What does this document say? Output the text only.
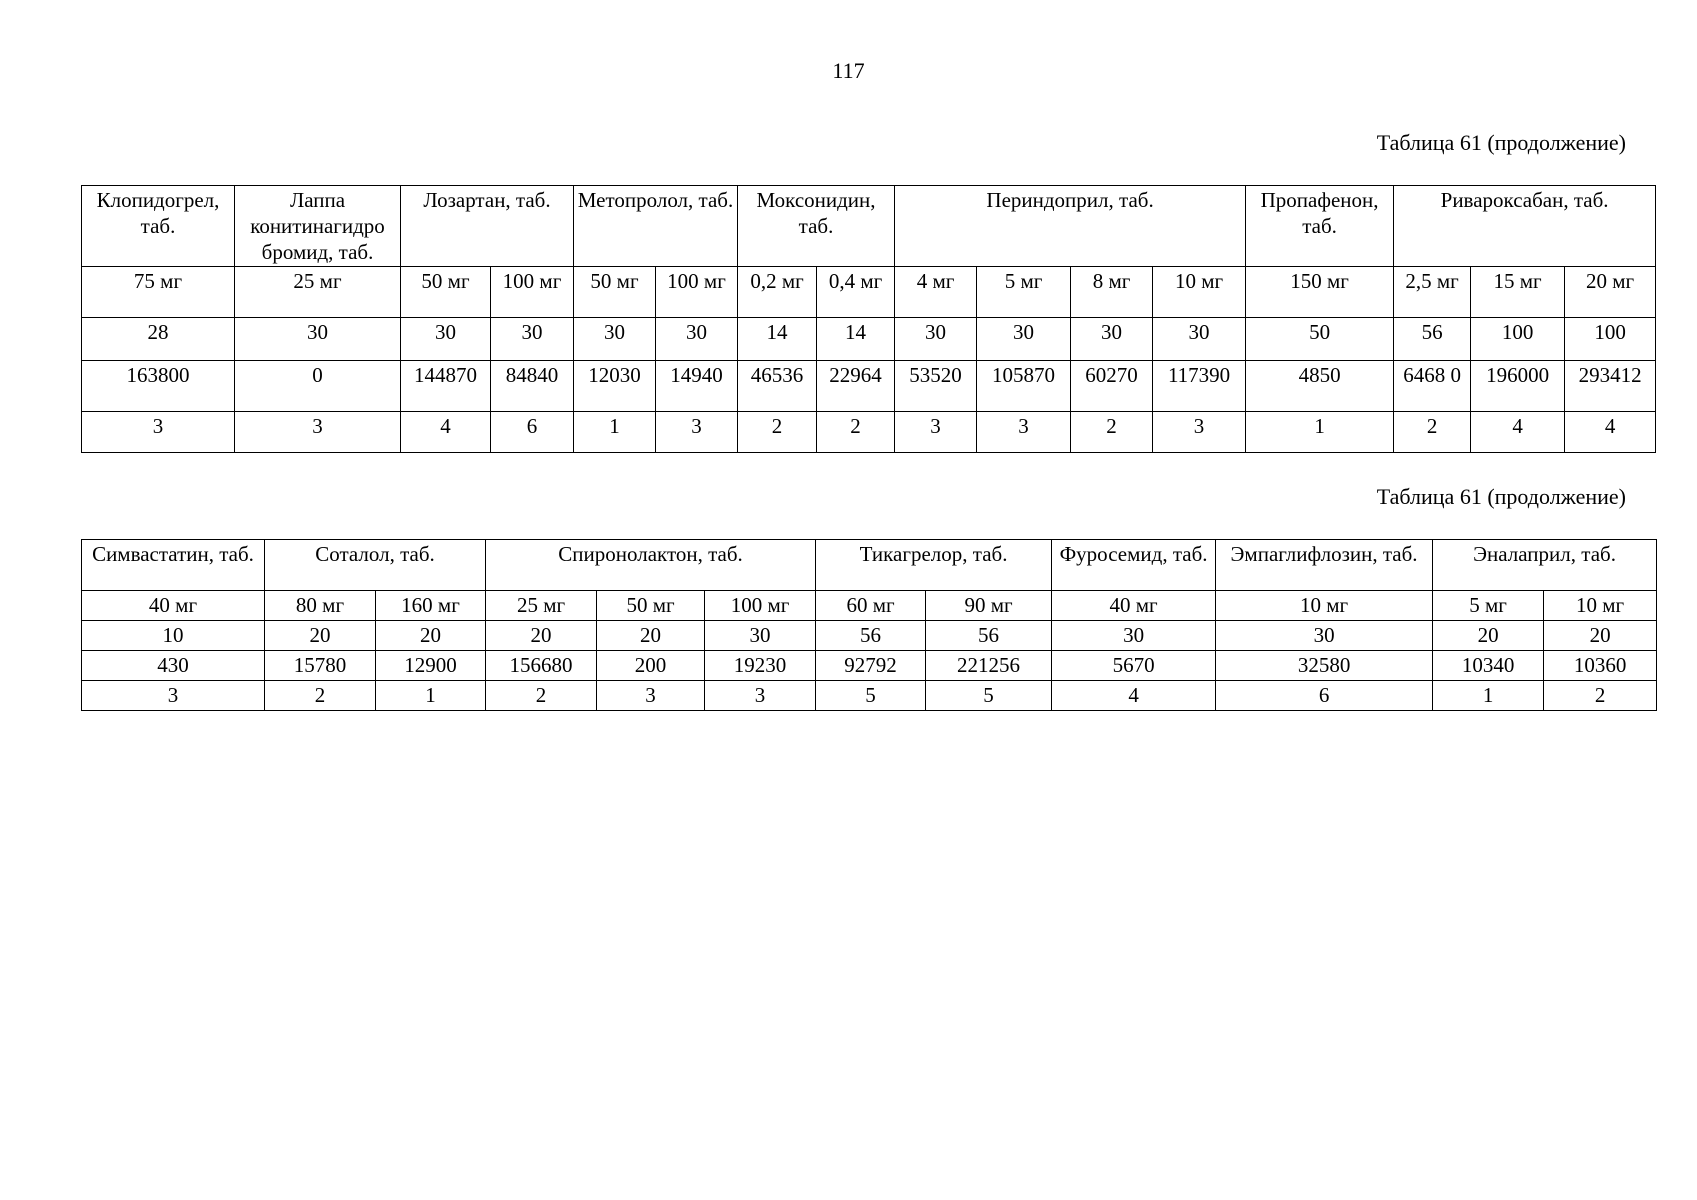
117
Таблица 61 (продолжение)
Клопидогрел, таб.	Лаппа конитинагидро бромид, таб.	Лозартан, таб.		Метопролол, таб.		Моксонидин, таб.		Периндоприл, таб.				Пропафенон, таб.	Ривароксабан, таб.		
75 мг	25 мг	50 мг	100 мг	50 мг	100 мг	0,2 мг	0,4 мг	4 мг	5 мг	8 мг	10 мг	150 мг	2,5 мг	15 мг	20 мг
28	30	30	30	30	30	14	14	30	30	30	30	50	56	100	100
163800	0	144870	84840	12030	14940	46536	22964	53520	105870	60270	117390	4850	6468 0	196000	293412
3	3	4	6	1	3	2	2	3	3	2	3	1	2	4	4
Таблица 61 (продолжение)
Симвастатин, таб.	Соталол, таб.		Спиронолактон, таб.			Тикагрелор, таб.		Фуросемид, таб.	Эмпаглифлозин, таб.	Эналаприл, таб.	
40 мг	80 мг	160 мг	25 мг	50 мг	100 мг	60 мг	90 мг	40 мг	10 мг	5 мг	10 мг
10	20	20	20	20	30	56	56	30	30	20	20
430	15780	12900	156680	200	19230	92792	221256	5670	32580	10340	10360
3	2	1	2	3	3	5	5	4	6	1	2
